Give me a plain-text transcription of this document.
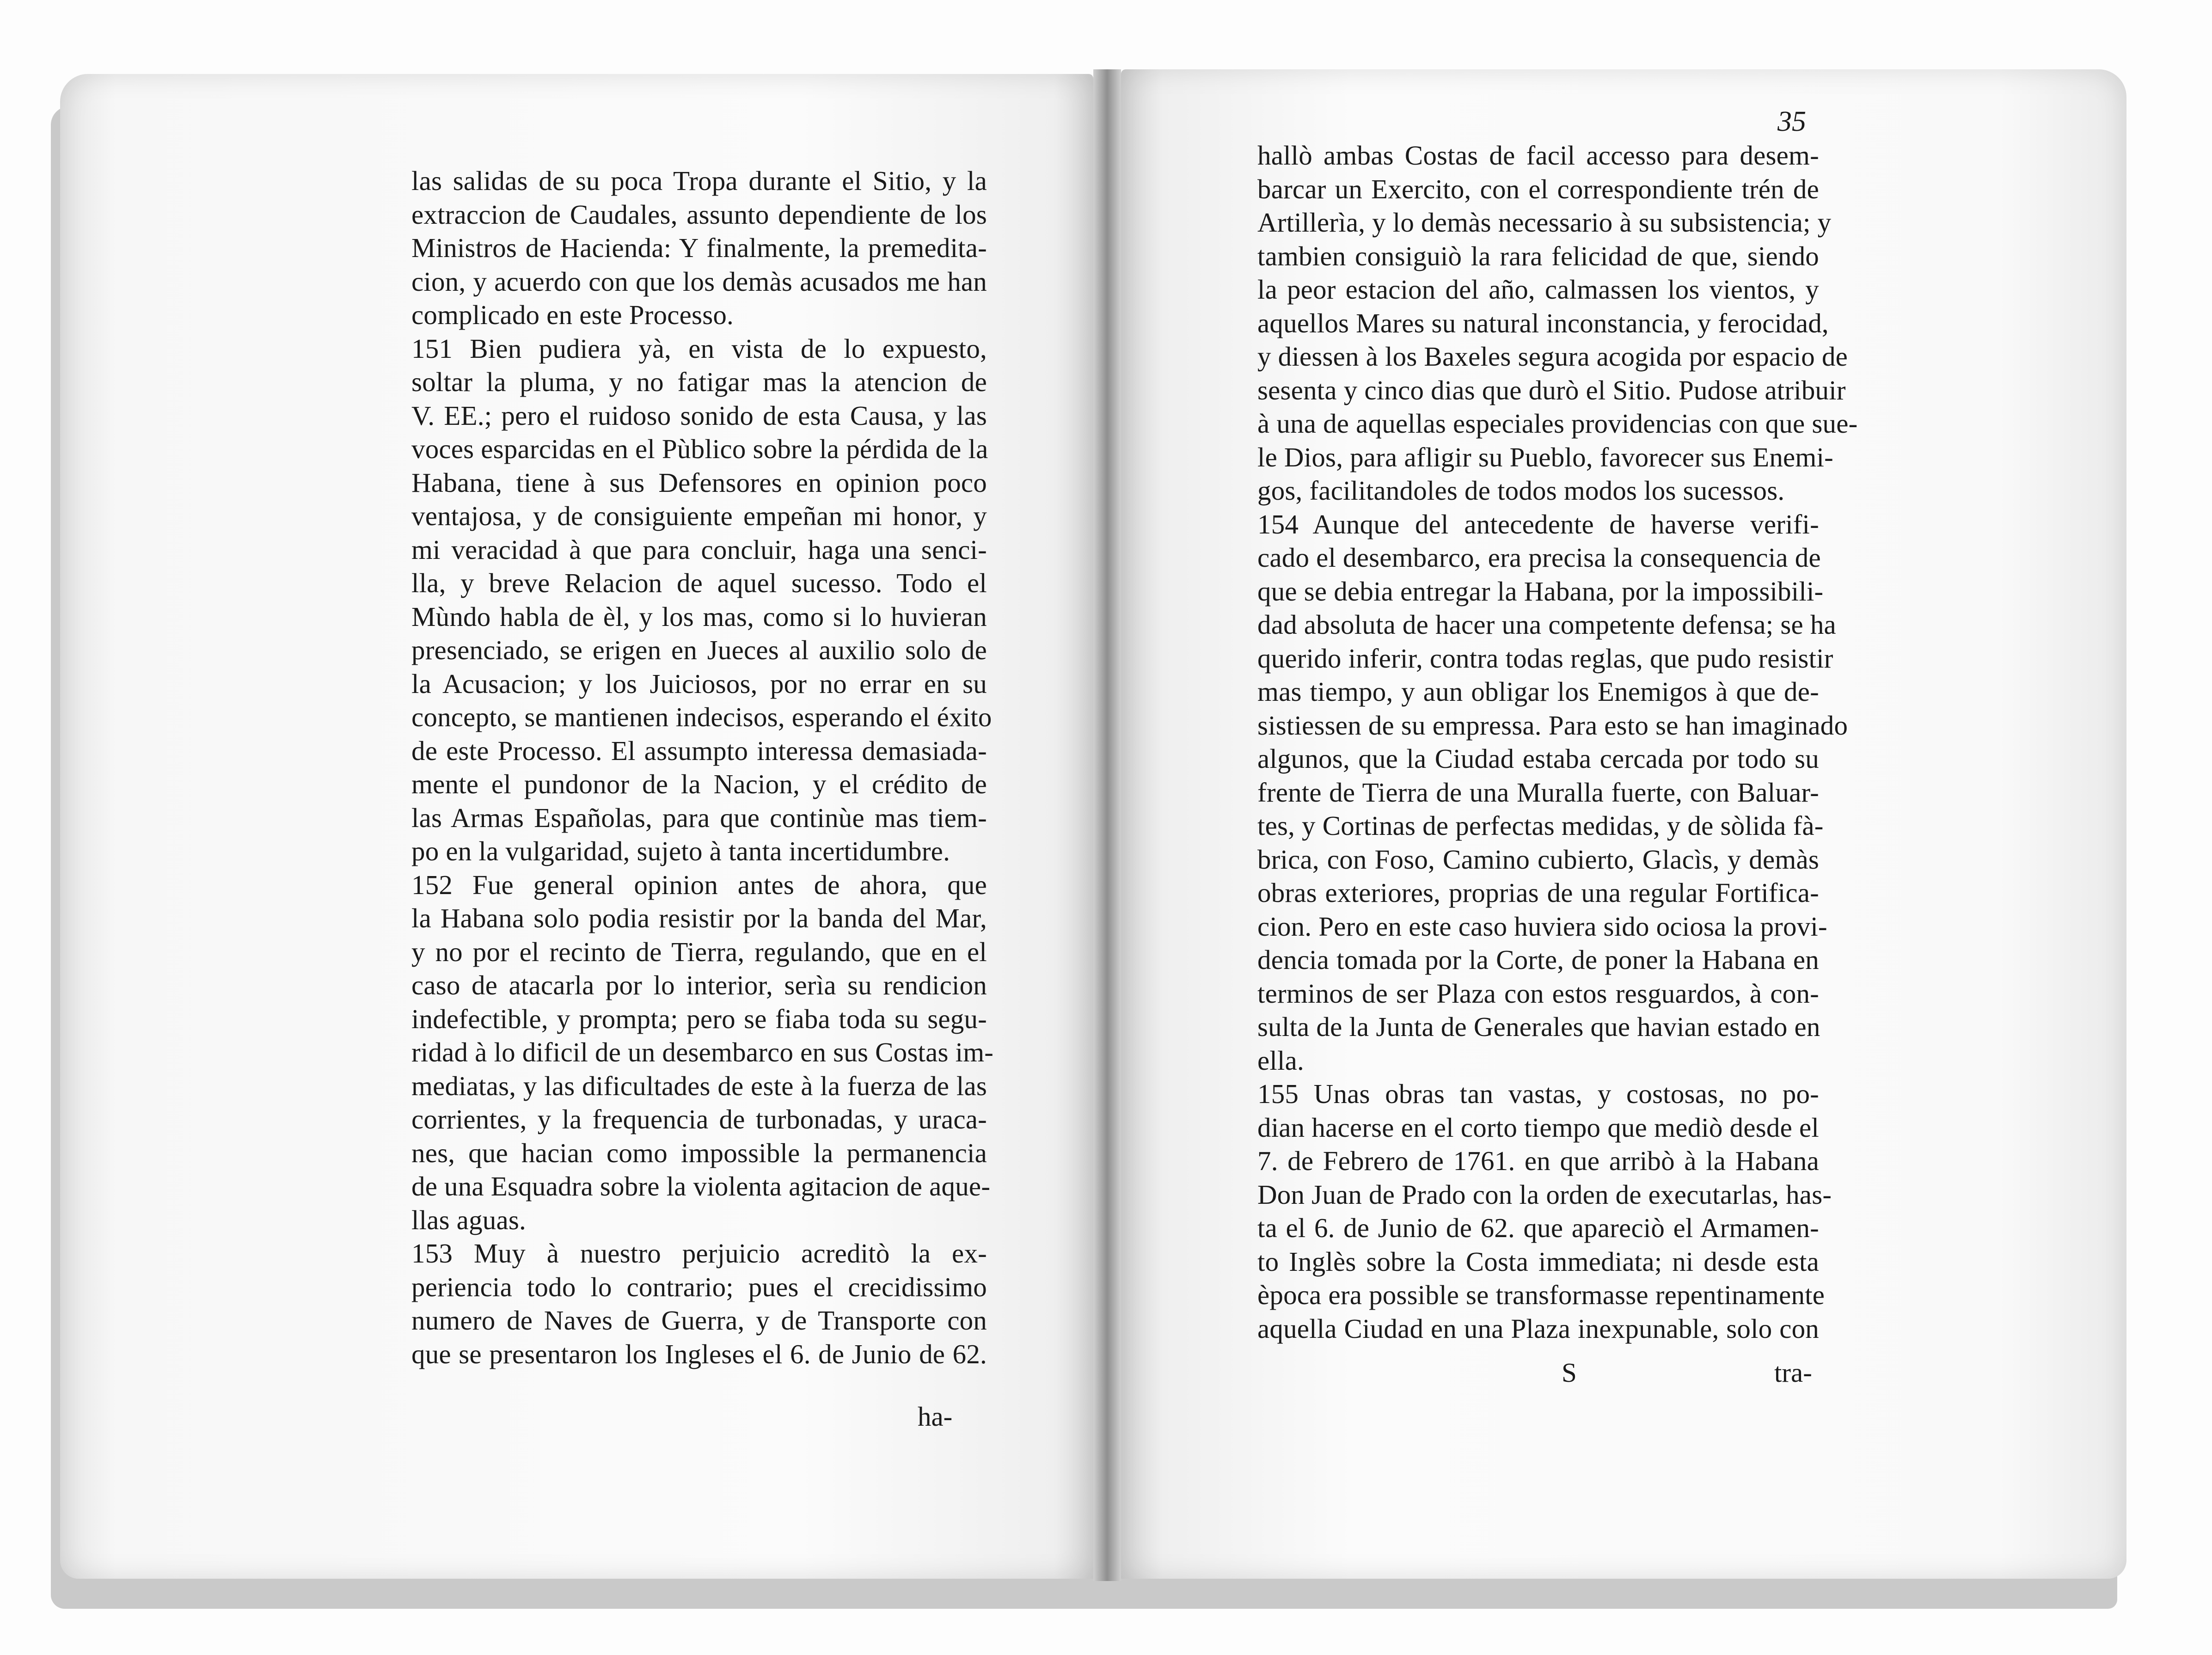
las salidas de su poca Tropa durante el Sitio, y la
extraccion de Caudales, assunto dependiente de los
Ministros de Hacienda: Y finalmente, la premedita-
cion, y acuerdo con que los demàs acusados me han
complicado en este Processo.
151 Bien pudiera yà, en vista de lo expuesto,
soltar la pluma, y no fatigar mas la atencion de
V. EE.; pero el ruidoso sonido de esta Causa, y las
voces esparcidas en el Pùblico sobre la pérdida de la
Habana, tiene à sus Defensores en opinion poco
ventajosa, y de consiguiente empeñan mi honor, y
mi veracidad à que para concluir, haga una senci-
lla, y breve Relacion de aquel sucesso. Todo el
Mùndo habla de èl, y los mas, como si lo huvieran
presenciado, se erigen en Jueces al auxilio solo de
la Acusacion; y los Juiciosos, por no errar en su
concepto, se mantienen indecisos, esperando el éxito
de este Processo. El assumpto interessa demasiada-
mente el pundonor de la Nacion, y el crédito de
las Armas Españolas, para que continùe mas tiem-
po en la vulgaridad, sujeto à tanta incertidumbre.
152 Fue general opinion antes de ahora, que
la Habana solo podia resistir por la banda del Mar,
y no por el recinto de Tierra, regulando, que en el
caso de atacarla por lo interior, serìa su rendicion
indefectible, y prompta; pero se fiaba toda su segu-
ridad à lo dificil de un desembarco en sus Costas im-
mediatas, y las dificultades de este à la fuerza de las
corrientes, y la frequencia de turbonadas, y uraca-
nes, que hacian como impossible la permanencia
de una Esquadra sobre la violenta agitacion de aque-
llas aguas.
153 Muy à nuestro perjuicio acreditò la ex-
periencia todo lo contrario; pues el crecidissimo
numero de Naves de Guerra, y de Transporte con
que se presentaron los Ingleses el 6. de Junio de 62.
ha-
35
hallò ambas Costas de facil accesso para desem-
barcar un Exercito, con el correspondiente trén de
Artillerìa, y lo demàs necessario à su subsistencia; y
tambien consiguiò la rara felicidad de que, siendo
la peor estacion del año, calmassen los vientos, y
aquellos Mares su natural inconstancia, y ferocidad,
y diessen à los Baxeles segura acogida por espacio de
sesenta y cinco dias que durò el Sitio. Pudose atribuir
à una de aquellas especiales providencias con que sue-
le Dios, para afligir su Pueblo, favorecer sus Enemi-
gos, facilitandoles de todos modos los sucessos.
154 Aunque del antecedente de haverse verifi-
cado el desembarco, era precisa la consequencia de
que se debia entregar la Habana, por la impossibili-
dad absoluta de hacer una competente defensa; se ha
querido inferir, contra todas reglas, que pudo resistir
mas tiempo, y aun obligar los Enemigos à que de-
sistiessen de su empressa. Para esto se han imaginado
algunos, que la Ciudad estaba cercada por todo su
frente de Tierra de una Muralla fuerte, con Baluar-
tes, y Cortinas de perfectas medidas, y de sòlida fà-
brica, con Foso, Camino cubierto, Glacìs, y demàs
obras exteriores, proprias de una regular Fortifica-
cion. Pero en este caso huviera sido ociosa la provi-
dencia tomada por la Corte, de poner la Habana en
terminos de ser Plaza con estos resguardos, à con-
sulta de la Junta de Generales que havian estado en
ella.
155 Unas obras tan vastas, y costosas, no po-
dian hacerse en el corto tiempo que mediò desde el
7. de Febrero de 1761. en que arribò à la Habana
Don Juan de Prado con la orden de executarlas, has-
ta el 6. de Junio de 62. que apareciò el Armamen-
to Inglès sobre la Costa immediata; ni desde esta
època era possible se transformasse repentinamente
aquella Ciudad en una Plaza inexpunable, solo con
S	tra-
